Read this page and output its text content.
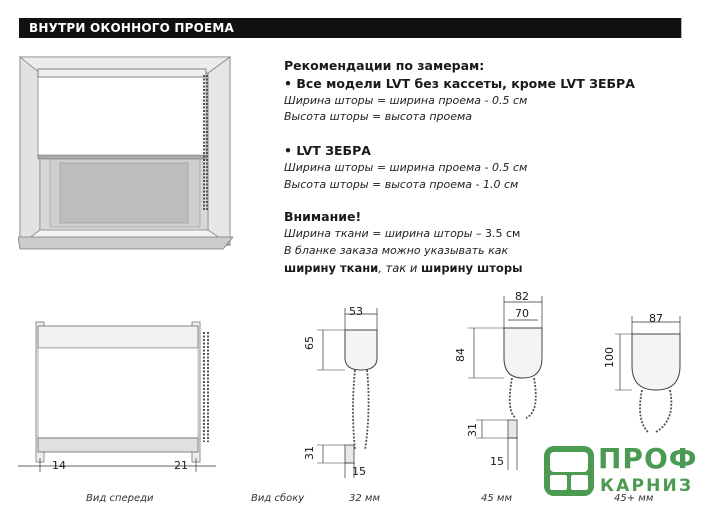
ВНУТРИ ОКОННОГО ПРОЕМА
Рекомендации по замерам:
• Все модели LVT без кассеты, кроме LVT ЗЕБРА
Ширина шторы = ширина проема - 0.5 см
Высота шторы = высота проема
• LVT ЗЕБРА
Ширина шторы = ширина проема - 0.5 см
Высота шторы = высота проема - 1.0 см
Внимание!
Ширина ткани = ширина шторы – 3.5 см
В бланке заказа можно указывать как
ширину ткани, так и ширину шторы
14	21
Вид спереди	Вид сбоку
53
65
31
15
32 мм
82
70
84
31
15
45 мм
87
100
45+ мм
ПРОФ
КАРНИЗ
